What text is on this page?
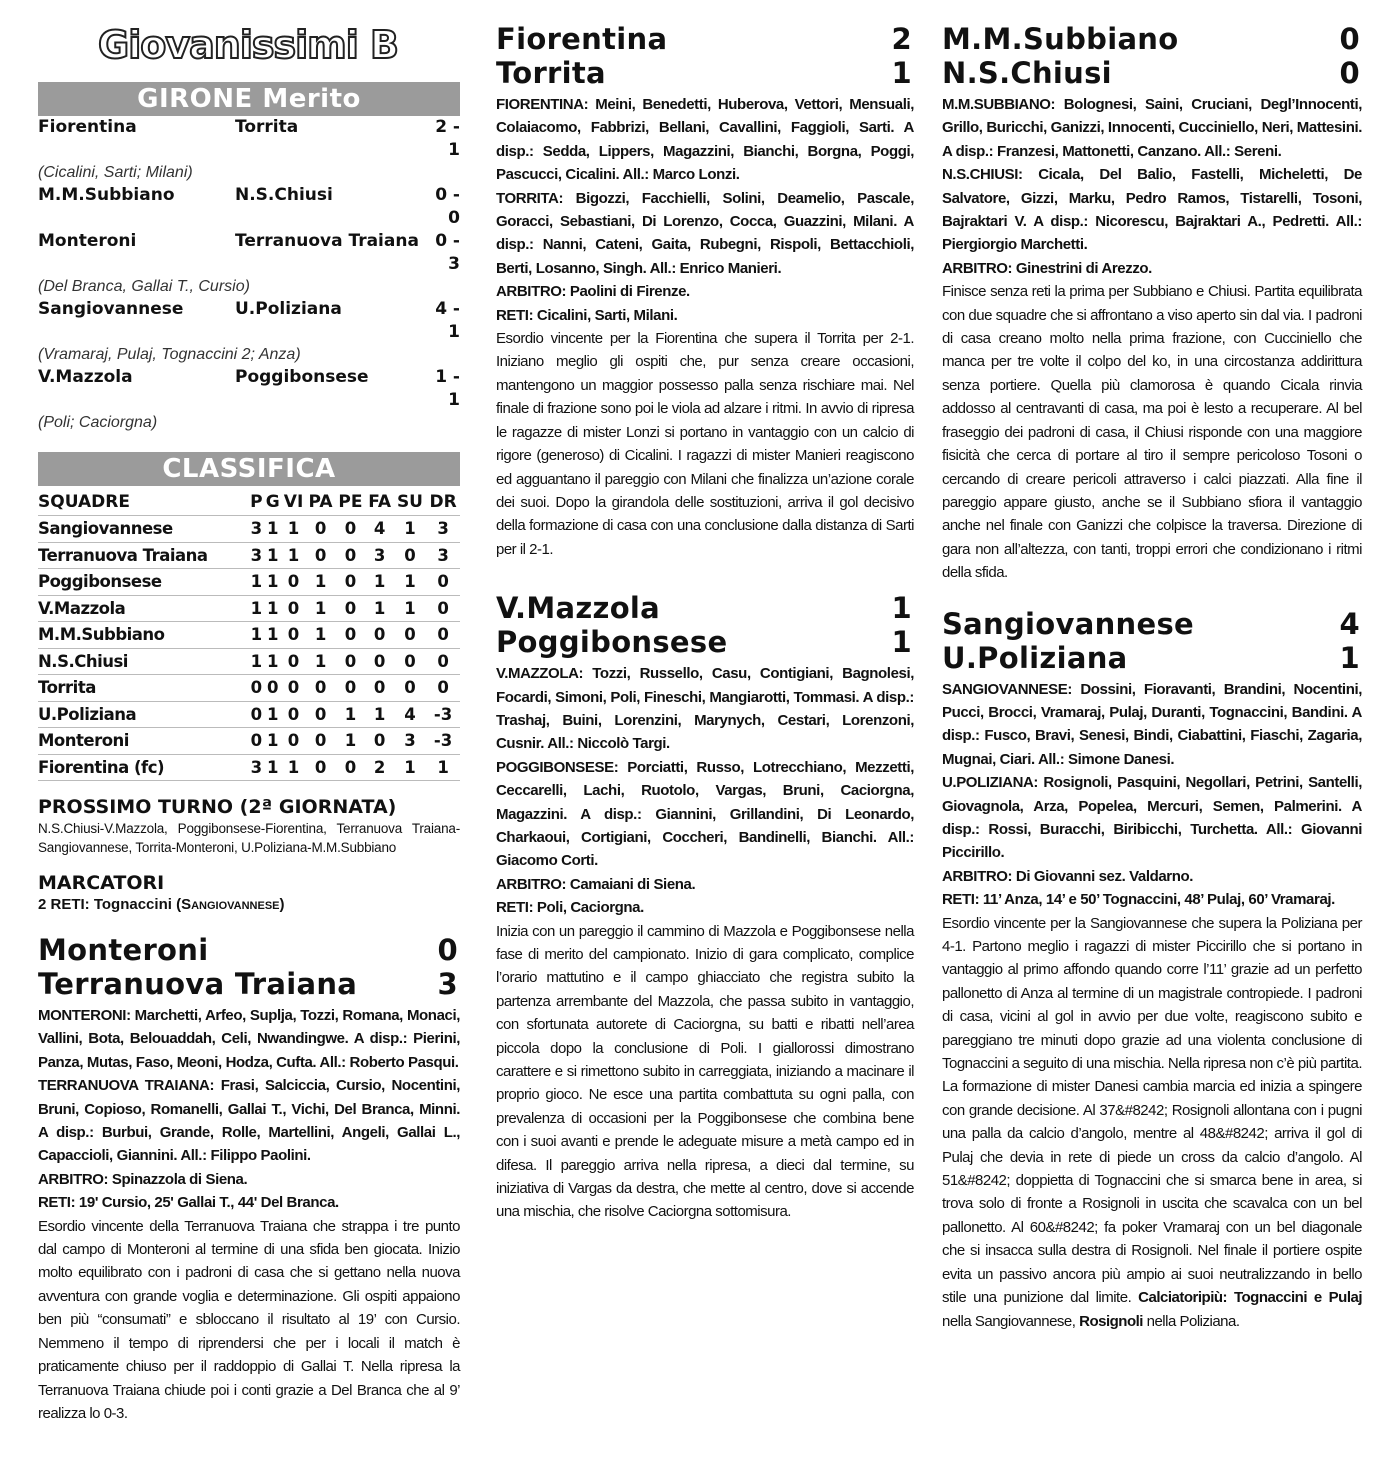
Giovanissimi B
GIRONE Merito
Fiorentina	Torrita	2 - 1
(Cicalini, Sarti; Milani)
M.M.Subbiano	N.S.Chiusi	0 - 0
Monteroni	Terranuova Traiana 0 - 3
(Del Branca, Gallai T., Cursio)
Sangiovannese	U.Poliziana	4 - 1
(Vramaraj, Pulaj, Tognaccini 2; Anza)
V.Mazzola	Poggibonsese	1 - 1
(Poli; Caciorgna)
CLASSIFICA
SQUADRE	P	G	VI	PA	PE	FA	SU	DR
Sangiovannese	3	1	1	0	0	4	1	3
Terranuova Traiana	3	1	1	0	0	3	0	3
Poggibonsese	1	1	0	1	0	1	1	0
V.Mazzola	1	1	0	1	0	1	1	0
M.M.Subbiano	1	1	0	1	0	0	0	0
N.S.Chiusi	1	1	0	1	0	0	0	0
Torrita	0	0	0	0	0	0	0	0
U.Poliziana	0	1	0	0	1	1	4	-3
Monteroni	0	1	0	0	1	0	3	-3
Fiorentina (fc)	3	1	1	0	0	2	1	1
PROSSIMO TURNO (2ª GIORNATA)
N.S.Chiusi-V.Mazzola, Poggibonsese-Fiorentina, Terranuova Traiana-Sangiovannese, Torrita-Monteroni, U.Poliziana-M.M.Subbiano
MARCATORI
2 RETI: Tognaccini (Sangiovannese)
Monteroni	0
Terranuova Traiana	3

MONTERONI: Marchetti, Arfeo, Suplja, Tozzi, Romana, Monaci, Vallini, Bota, Belouaddah, Celi, Nwandingwe. A disp.: Pierini, Panza, Mutas, Faso, Meoni, Hodza, Cufta. All.: Roberto Pasqui.

TERRANUOVA TRAIANA: Frasi, Salciccia, Cursio, Nocentini, Bruni, Copioso, Romanelli, Gallai T., Vichi, Del Branca, Minni. A disp.: Burbui, Grande, Rolle, Martellini, Angeli, Gallai L., Capaccioli, Giannini. All.: Filippo Paolini.

ARBITRO: Spinazzola di Siena.

RETI: 19' Cursio, 25' Gallai T., 44' Del Branca.

Esordio vincente della Terranuova Traiana che strappa i tre punto dal campo di Monteroni al termine di una sfida ben giocata. Inizio molto equilibrato con i padroni di casa che si gettano nella nuova avventura con grande voglia e determinazione. Gli ospiti appaiono ben più “consumati” e sbloccano il risultato al 19’ con Cursio. Nemmeno il tempo di riprendersi che per i locali il match è praticamente chiuso per il raddoppio di Gallai T. Nella ripresa la Terranuova Traiana chiude poi i conti grazie a Del Branca che al 9’ realizza lo 0-3.

Fiorentina	2
Torrita	1

FIORENTINA: Meini, Benedetti, Huberova, Vettori, Mensuali, Colaiacomo, Fabbrizi, Bellani, Cavallini, Faggioli, Sarti. A disp.: Sedda, Lippers, Magazzini, Bianchi, Borgna, Poggi, Pascucci, Cicalini. All.: Marco Lonzi.

TORRITA: Bigozzi, Facchielli, Solini, Deamelio, Pascale, Goracci, Sebastiani, Di Lorenzo, Cocca, Guazzini, Milani. A disp.: Nanni, Cateni, Gaita, Rubegni, Rispoli, Bettacchioli, Berti, Losanno, Singh. All.: Enrico Manieri.

ARBITRO: Paolini di Firenze.

RETI: Cicalini, Sarti, Milani.

Esordio vincente per la Fiorentina che supera il Torrita per 2-1. Iniziano meglio gli ospiti che, pur senza creare occasioni, mantengono un maggior possesso palla senza rischiare mai. Nel finale di frazione sono poi le viola ad alzare i ritmi. In avvio di ripresa le ragazze di mister Lonzi si portano in vantaggio con un calcio di rigore (generoso) di Cicalini. I ragazzi di mister Manieri reagiscono ed agguantano il pareggio con Milani che finalizza un’azione corale dei suoi. Dopo la girandola delle sostituzioni, arriva il gol decisivo della formazione di casa con una conclusione dalla distanza di Sarti per il 2-1.

V.Mazzola	1
Poggibonsese	1

V.MAZZOLA: Tozzi, Russello, Casu, Contigiani, Bagnolesi, Focardi, Simoni, Poli, Fineschi, Mangiarotti, Tommasi. A disp.: Trashaj, Buini, Lorenzini, Marynych, Cestari, Lorenzoni, Cusnir. All.: Niccolò Targi.

POGGIBONSESE: Porciatti, Russo, Lotrecchiano, Mezzetti, Ceccarelli, Lachi, Ruotolo, Vargas, Bruni, Caciorgna, Magazzini. A disp.: Giannini, Grillandini, Di Leonardo, Charkaoui, Cortigiani, Coccheri, Bandinelli, Bianchi. All.: Giacomo Corti.

ARBITRO: Camaiani di Siena.

RETI: Poli, Caciorgna.

Inizia con un pareggio il cammino di Mazzola e Poggibonsese nella fase di merito del campionato. Inizio di gara complicato, complice l’orario mattutino e il campo ghiacciato che registra subito la partenza arrembante del Mazzola, che passa subito in vantaggio, con sfortunata autorete di Caciorgna, su batti e ribatti nell’area piccola dopo la conclusione di Poli. I giallorossi dimostrano carattere e si rimettono subito in carreggiata, iniziando a macinare il proprio gioco. Ne esce una partita combattuta su ogni palla, con prevalenza di occasioni per la Poggibonsese che combina bene con i suoi avanti e prende le adeguate misure a metà campo ed in difesa. Il pareggio arriva nella ripresa, a dieci dal termine, su iniziativa di Vargas da destra, che mette al centro, dove si accende una mischia, che risolve Caciorgna sottomisura.

M.M.Subbiano	0
N.S.Chiusi	0

M.M.SUBBIANO: Bolognesi, Saini, Cruciani, Degl’Innocenti, Grillo, Buricchi, Ganizzi, Innocenti, Cucciniello, Neri, Mattesini. A disp.: Franzesi, Mattonetti, Canzano. All.: Sereni.

N.S.CHIUSI: Cicala, Del Balio, Fastelli, Micheletti, De Salvatore, Gizzi, Marku, Pedro Ramos, Tistarelli, Tosoni, Bajraktari V. A disp.: Nicorescu, Bajraktari A., Pedretti. All.: Piergiorgio Marchetti.

ARBITRO: Ginestrini di Arezzo.

Finisce senza reti la prima per Subbiano e Chiusi. Partita equilibrata con due squadre che si affrontano a viso aperto sin dal via. I padroni di casa creano molto nella prima frazione, con Cucciniello che manca per tre volte il colpo del ko, in una circostanza addirittura senza portiere. Quella più clamorosa è quando Cicala rinvia addosso al centravanti di casa, ma poi è lesto a recuperare. Al bel fraseggio dei padroni di casa, il Chiusi risponde con una maggiore fisicità che cerca di portare al tiro il sempre pericoloso Tosoni o cercando di creare pericoli attraverso i calci piazzati. Alla fine il pareggio appare giusto, anche se il Subbiano sfiora il vantaggio anche nel finale con Ganizzi che colpisce la traversa. Direzione di gara non all’altezza, con tanti, troppi errori che condizionano i ritmi della sfida.

Sangiovannese	4
U.Poliziana	1

SANGIOVANNESE: Dossini, Fioravanti, Brandini, Nocentini, Pucci, Brocci, Vramaraj, Pulaj, Duranti, Tognaccini, Bandini. A disp.: Fusco, Bravi, Senesi, Bindi, Ciabattini, Fiaschi, Zagaria, Mugnai, Ciari. All.: Simone Danesi.

U.POLIZIANA: Rosignoli, Pasquini, Negollari, Petrini, Santelli, Giovagnola, Arza, Popelea, Mercuri, Semen, Palmerini. A disp.: Rossi, Buracchi, Biribicchi, Turchetta. All.: Giovanni Piccirillo.

ARBITRO: Di Giovanni sez. Valdarno.

RETI: 11’ Anza, 14’ e 50’ Tognaccini, 48’ Pulaj, 60’ Vramaraj.

Esordio vincente per la Sangiovannese che supera la Poliziana per 4-1. Partono meglio i ragazzi di mister Piccirillo che si portano in vantaggio al primo affondo quando corre l’11’ grazie ad un perfetto pallonetto di Anza al termine di un magistrale contropiede. I padroni di casa, vicini al gol in avvio per due volte, reagiscono subito e pareggiano tre minuti dopo grazie ad una violenta conclusione di Tognaccini a seguito di una mischia. Nella ripresa non c’è più partita. La formazione di mister Danesi cambia marcia ed inizia a spingere con grande decisione. Al 37&#8242; Rosignoli allontana con i pugni una palla da calcio d’angolo, mentre al 48&#8242; arriva il gol di Pulaj che devia in rete di piede un cross da calcio d’angolo. Al 51&#8242; doppietta di Tognaccini che si smarca bene in area, si trova solo di fronte a Rosignoli in uscita che scavalca con un bel pallonetto. Al 60&#8242; fa poker Vramaraj con un bel diagonale che si insacca sulla destra di Rosignoli. Nel finale il portiere ospite evita un passivo ancora più ampio ai suoi neutralizzando in bello stile una punizione dal limite. Calciatoripiù: Tognaccini e Pulaj nella Sangiovannese, Rosignoli nella Poliziana.
